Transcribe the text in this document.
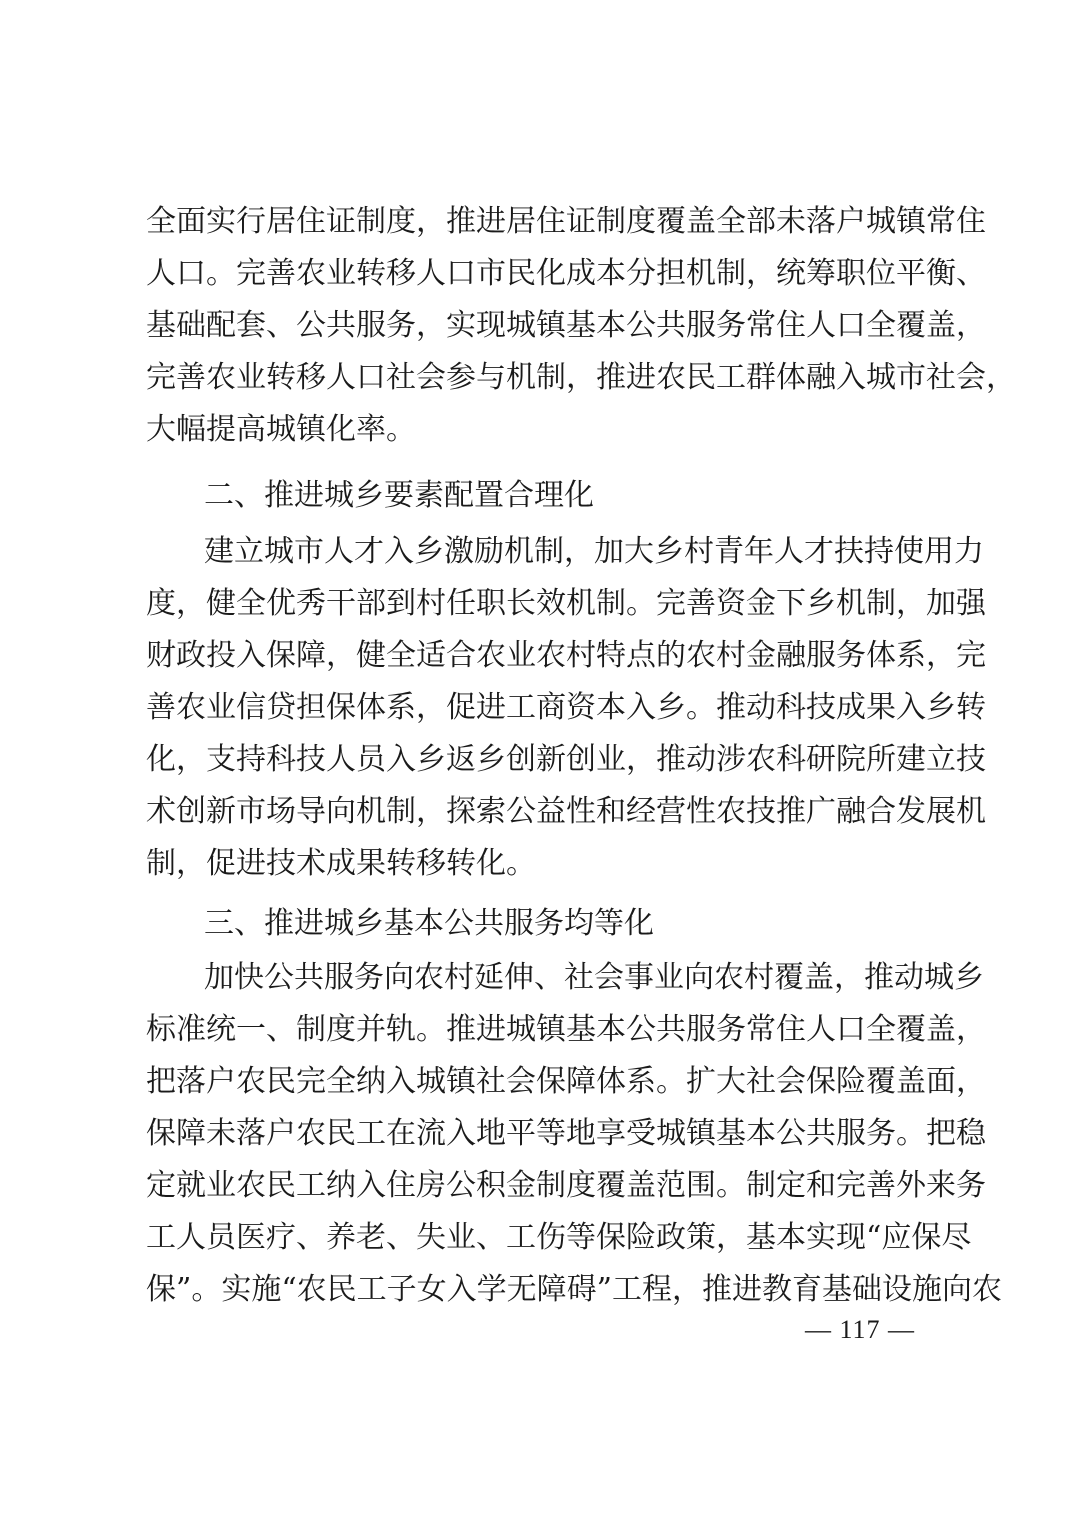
全面实行居住证制度，推进居住证制度覆盖全部未落户城镇常住
人口。完善农业转移人口市民化成本分担机制，统筹职位平衡、
基础配套、公共服务，实现城镇基本公共服务常住人口全覆盖，
完善农业转移人口社会参与机制，推进农民工群体融入城市社会，
大幅提高城镇化率。
二、推进城乡要素配置合理化
建立城市人才入乡激励机制，加大乡村青年人才扶持使用力
度，健全优秀干部到村任职长效机制。完善资金下乡机制，加强
财政投入保障，健全适合农业农村特点的农村金融服务体系，完
善农业信贷担保体系，促进工商资本入乡。推动科技成果入乡转
化，支持科技人员入乡返乡创新创业，推动涉农科研院所建立技
术创新市场导向机制，探索公益性和经营性农技推广融合发展机
制，促进技术成果转移转化。
三、推进城乡基本公共服务均等化
加快公共服务向农村延伸、社会事业向农村覆盖，推动城乡
标准统一、制度并轨。推进城镇基本公共服务常住人口全覆盖，
把落户农民完全纳入城镇社会保障体系。扩大社会保险覆盖面，
保障未落户农民工在流入地平等地享受城镇基本公共服务。把稳
定就业农民工纳入住房公积金制度覆盖范围。制定和完善外来务
工人员医疗、养老、失业、工伤等保险政策，基本实现“应保尽
保”。实施“农民工子女入学无障碍”工程，推进教育基础设施向农
— 117 —
